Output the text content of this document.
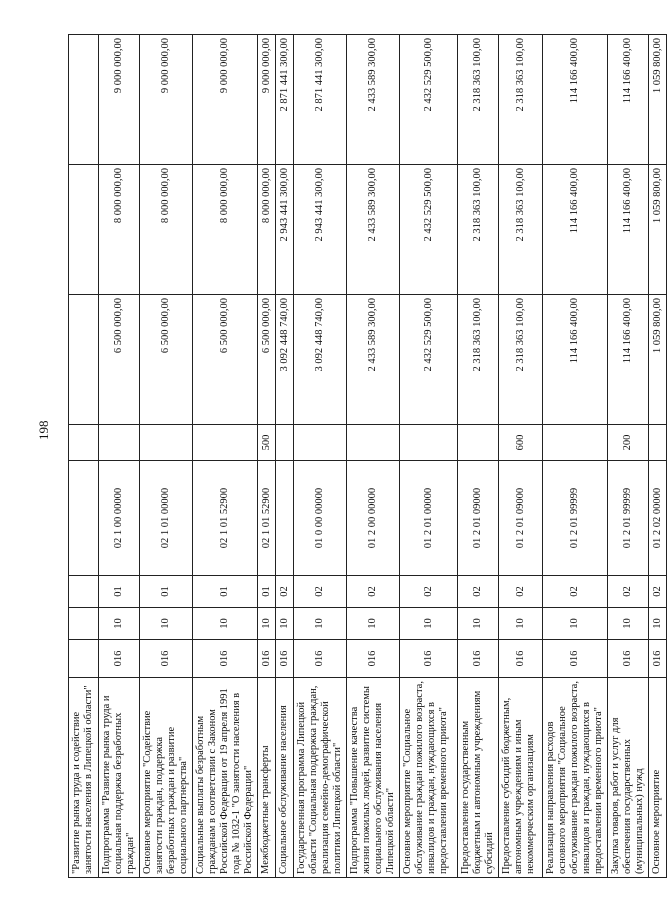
198
"Развитие рынка труда и содействие занятости населения в Липецкой области"								
Подпрограмма "Развитие рынка труда и социальная поддержка безработных граждан"	016	10	01	02 1 00 00000		6 500 000,00	8 000 000,00	9 000 000,00
Основное мероприятие "Содействие занятости граждан, поддержка безработных граждан и развитие социального партнерства"	016	10	01	02 1 01 00000		6 500 000,00	8 000 000,00	9 000 000,00
Социальные выплаты безработным гражданам в соответствии с Законом Российской Федерации от 19 апреля 1991 года № 1032-1 "О занятости населения в Российской Федерации"	016	10	01	02 1 01 52900		6 500 000,00	8 000 000,00	9 000 000,00
Межбюджетные трансферты	016	10	01	02 1 01 52900	500	6 500 000,00	8 000 000,00	9 000 000,00
Социальное обслуживание населения	016	10	02			3 092 448 740,00	2 943 441 300,00	2 871 441 300,00
Государственная программа Липецкой области "Социальная поддержка граждан, реализация семейно-демографической политики Липецкой области"	016	10	02	01 0 00 00000		3 092 448 740,00	2 943 441 300,00	2 871 441 300,00
Подпрограмма "Повышение качества жизни пожилых людей, развитие системы социального обслуживания населения Липецкой области"	016	10	02	01 2 00 00000		2 433 589 300,00	2 433 589 300,00	2 433 589 300,00
Основное мероприятие "Социальное обслуживание граждан пожилого возраста, инвалидов и граждан, нуждающихся в предоставлении временного приюта"	016	10	02	01 2 01 00000		2 432 529 500,00	2 432 529 500,00	2 432 529 500,00
Предоставление государственным бюджетным и автономным учреждениям субсидий	016	10	02	01 2 01 09000		2 318 363 100,00	2 318 363 100,00	2 318 363 100,00
Предоставление субсидий бюджетным, автономным учреждениям и иным некоммерческим организациям	016	10	02	01 2 01 09000	600	2 318 363 100,00	2 318 363 100,00	2 318 363 100,00
Реализация направления расходов основного мероприятия "Социальное обслуживание граждан пожилого возраста, инвалидов и граждан, нуждающихся в предоставлении временного приюта"	016	10	02	01 2 01 99999		114 166 400,00	114 166 400,00	114 166 400,00
Закупка товаров, работ и услуг для обеспечения государственных (муниципальных) нужд	016	10	02	01 2 01 99999	200	114 166 400,00	114 166 400,00	114 166 400,00
Основное мероприятие	016	10	02	01 2 02 00000		1 059 800,00	1 059 800,00	1 059 800,00
